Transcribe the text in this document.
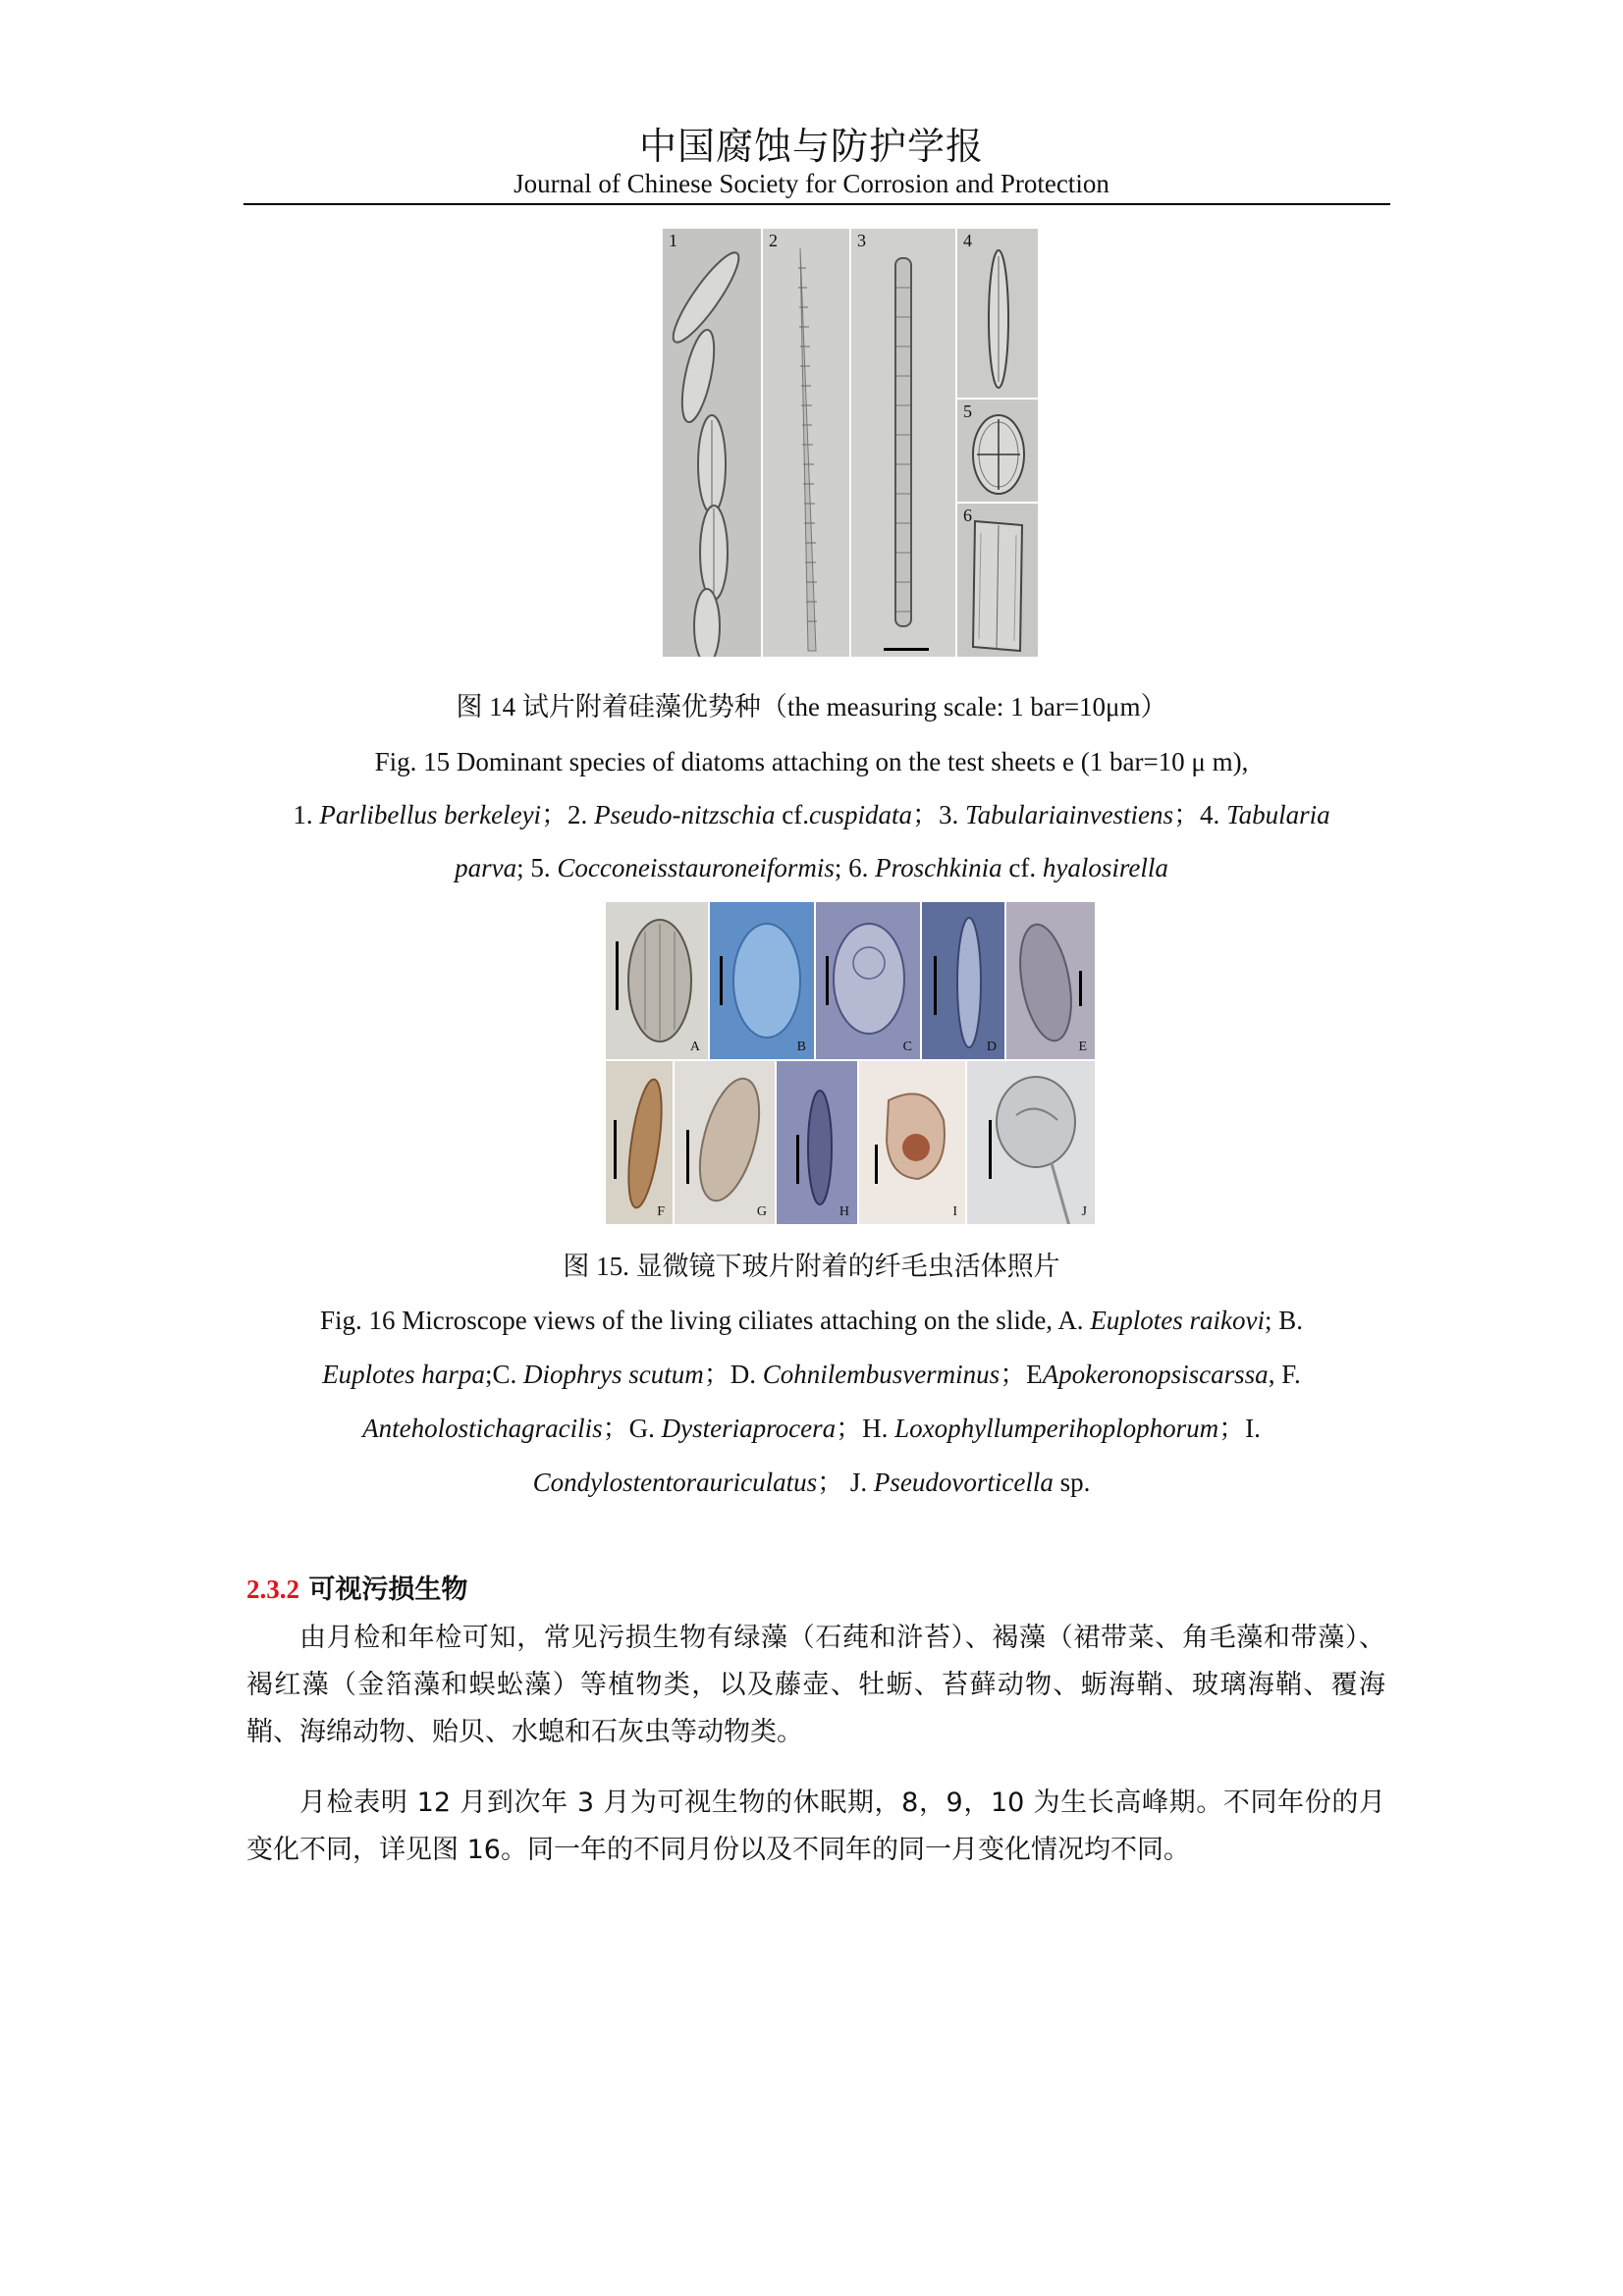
中国腐蚀与防护学报
Journal of Chinese Society for Corrosion and Protection
1	2	3	4
5
6
图 14 试片附着硅藻优势种（the measuring scale: 1 bar=10μm）
Fig. 15 Dominant species of diatoms attaching on the test sheets e (1 bar=10 μ m),
1. Parlibellus berkeleyi；2. Pseudo-nitzschia cf.cuspidata；3. Tabulariainvestiens；4. Tabularia
parva; 5. Cocconeisstauroneiformis; 6. Proschkinia cf. hyalosirella
A	B	C	D	E
F	G	H	I	J
图 15. 显微镜下玻片附着的纤毛虫活体照片
Fig. 16 Microscope views of the living ciliates attaching on the slide, A. Euplotes raikovi; B.
Euplotes harpa;C. Diophrys scutum；D. Cohnilembusverminus；EApokeronopsiscarssa, F.
Anteholostichagracilis；G. Dysteriaprocera；H. Loxophyllumperihoplophorum；I.
Condylostentorauriculatus； J. Pseudovorticella sp.
2.3.2 可视污损生物
由月检和年检可知，常见污损生物有绿藻（石莼和浒苔）、褐藻（裙带菜、角毛藻和带藻）、褐红藻（金箔藻和蜈蚣藻）等植物类，以及藤壶、牡蛎、苔藓动物、蛎海鞘、玻璃海鞘、覆海鞘、海绵动物、贻贝、水螅和石灰虫等动物类。
月检表明 12 月到次年 3 月为可视生物的休眠期，8，9，10 为生长高峰期。不同年份的月变化不同，详见图 16。同一年的不同月份以及不同年的同一月变化情况均不同。
